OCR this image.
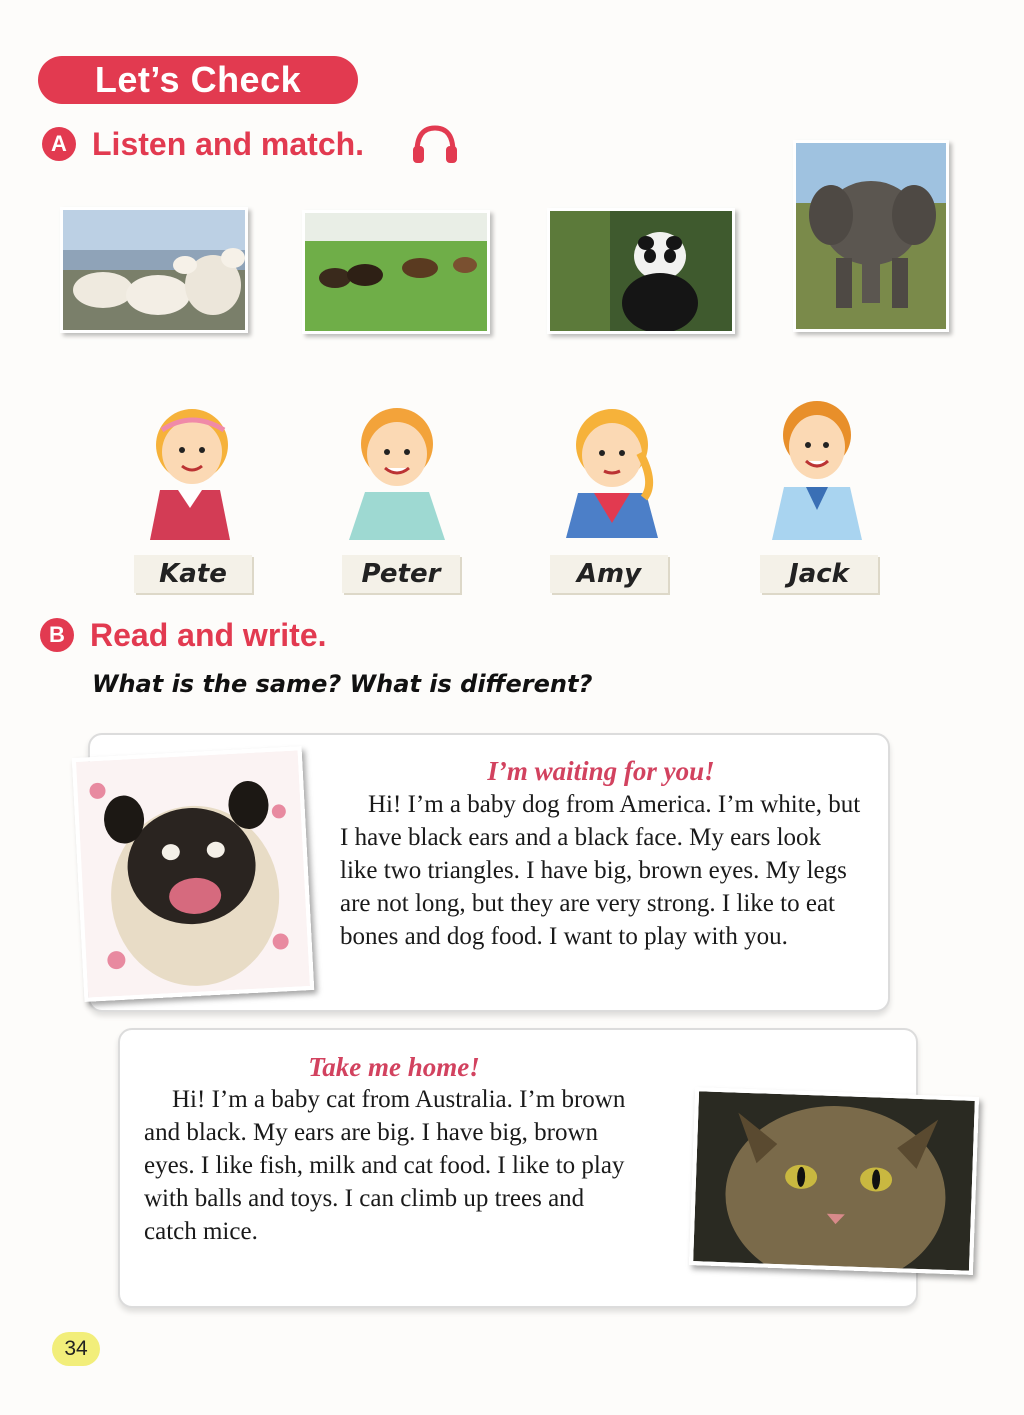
Let’s Check
A Listen and match.
Kate	Peter	Amy	Jack
B Read and write.
What is the same? What is different?
I’m waiting for you!
Hi! I’m a baby dog from America. I’m white, but I have black ears and a black face. My ears look like two triangles. I have big, brown eyes. My legs are not long, but they are very strong. I like to eat bones and dog food. I want to play with you.
Take me home!
Hi! I’m a baby cat from Australia. I’m brown and black. My ears are big. I have big, brown eyes. I like fish, milk and cat food. I like to play with balls and toys. I can climb up trees and catch mice.
34
